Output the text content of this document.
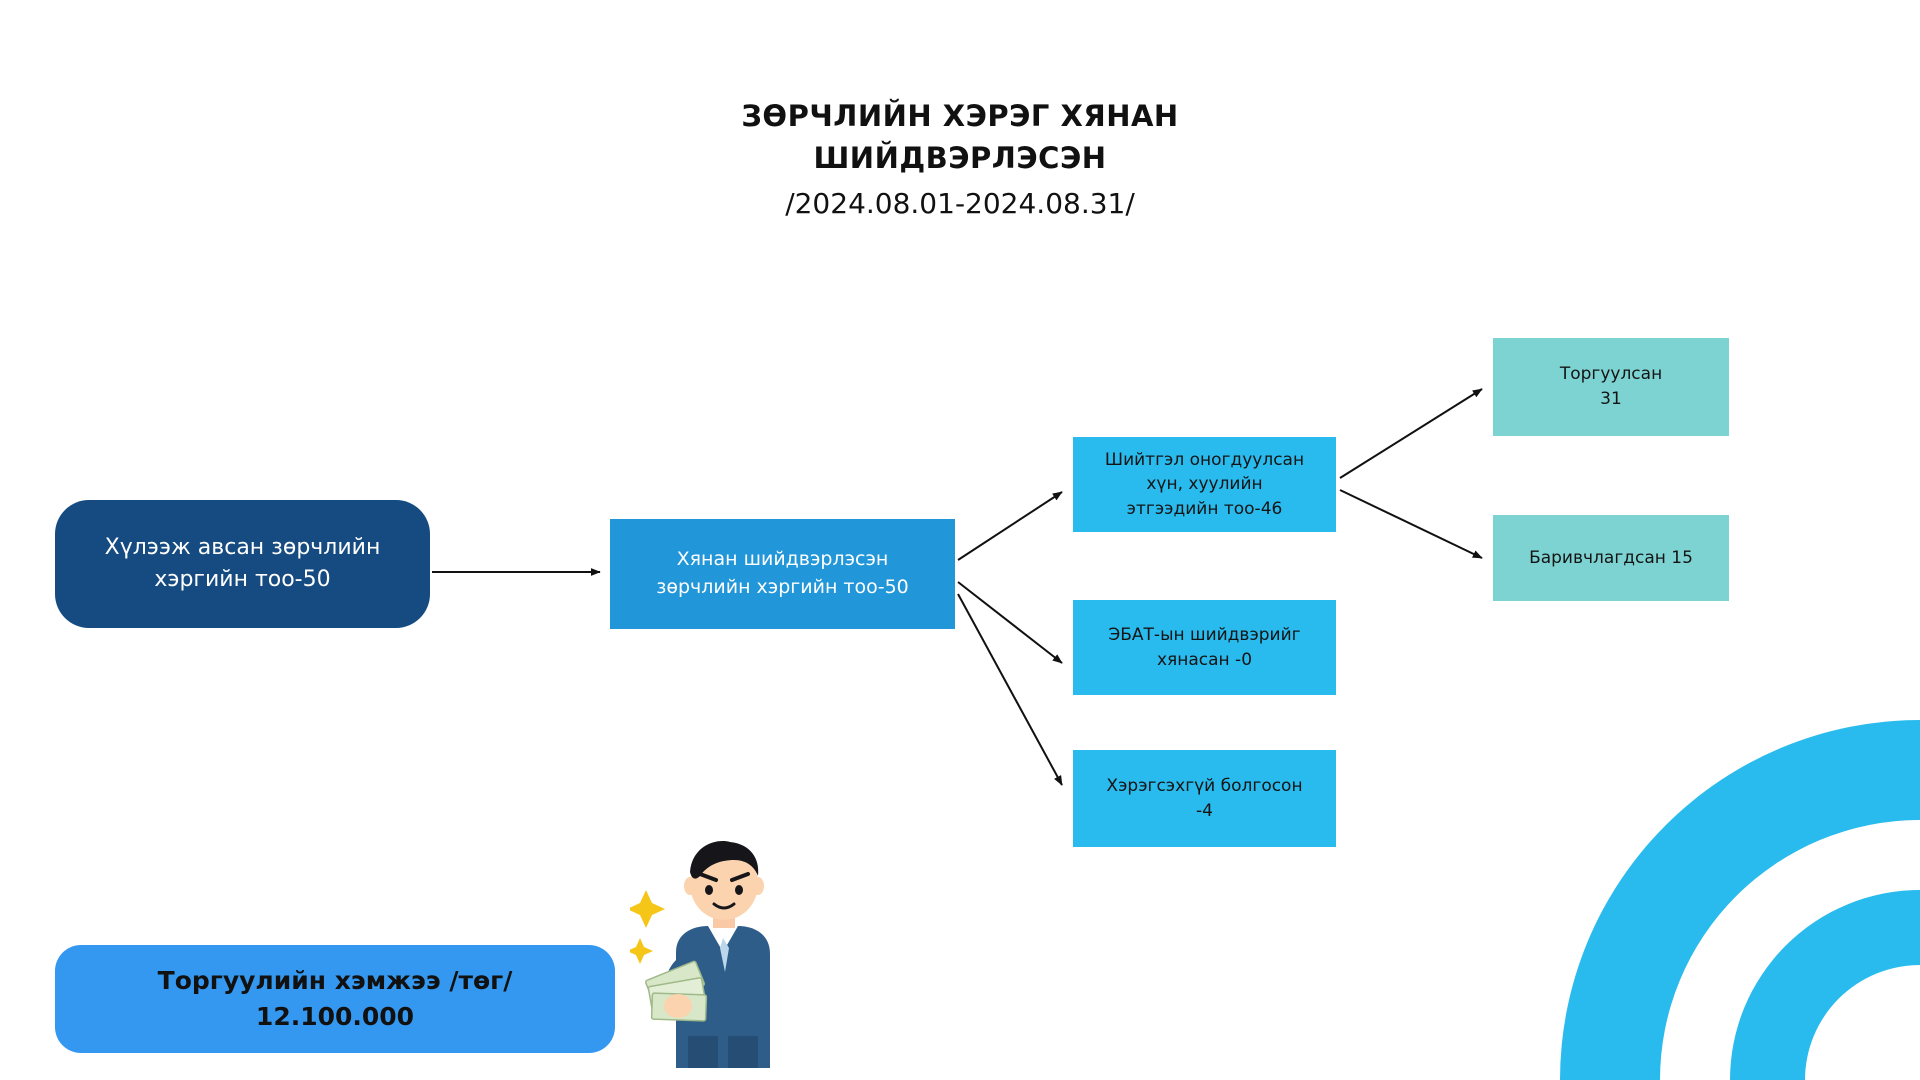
ЗӨРЧЛИЙН ХЭРЭГ ХЯНАН
ШИЙДВЭРЛЭСЭН
/2024.08.01-2024.08.31/
Хүлээж авсан зөрчлийн
хэргийн тоо-50
Хянан шийдвэрлэсэн
зөрчлийн хэргийн тоо-50
Шийтгэл оногдуулсан
хүн, хуулийн
этгээдийн тоо-46
ЭБАТ-ын шийдвэрийг
хянасан -0
Хэрэгсэхгүй болгосон
-4
Торгуулсан
31
Баривчлагдсан 15
Торгуулийн хэмжээ /төг/
12.100.000
